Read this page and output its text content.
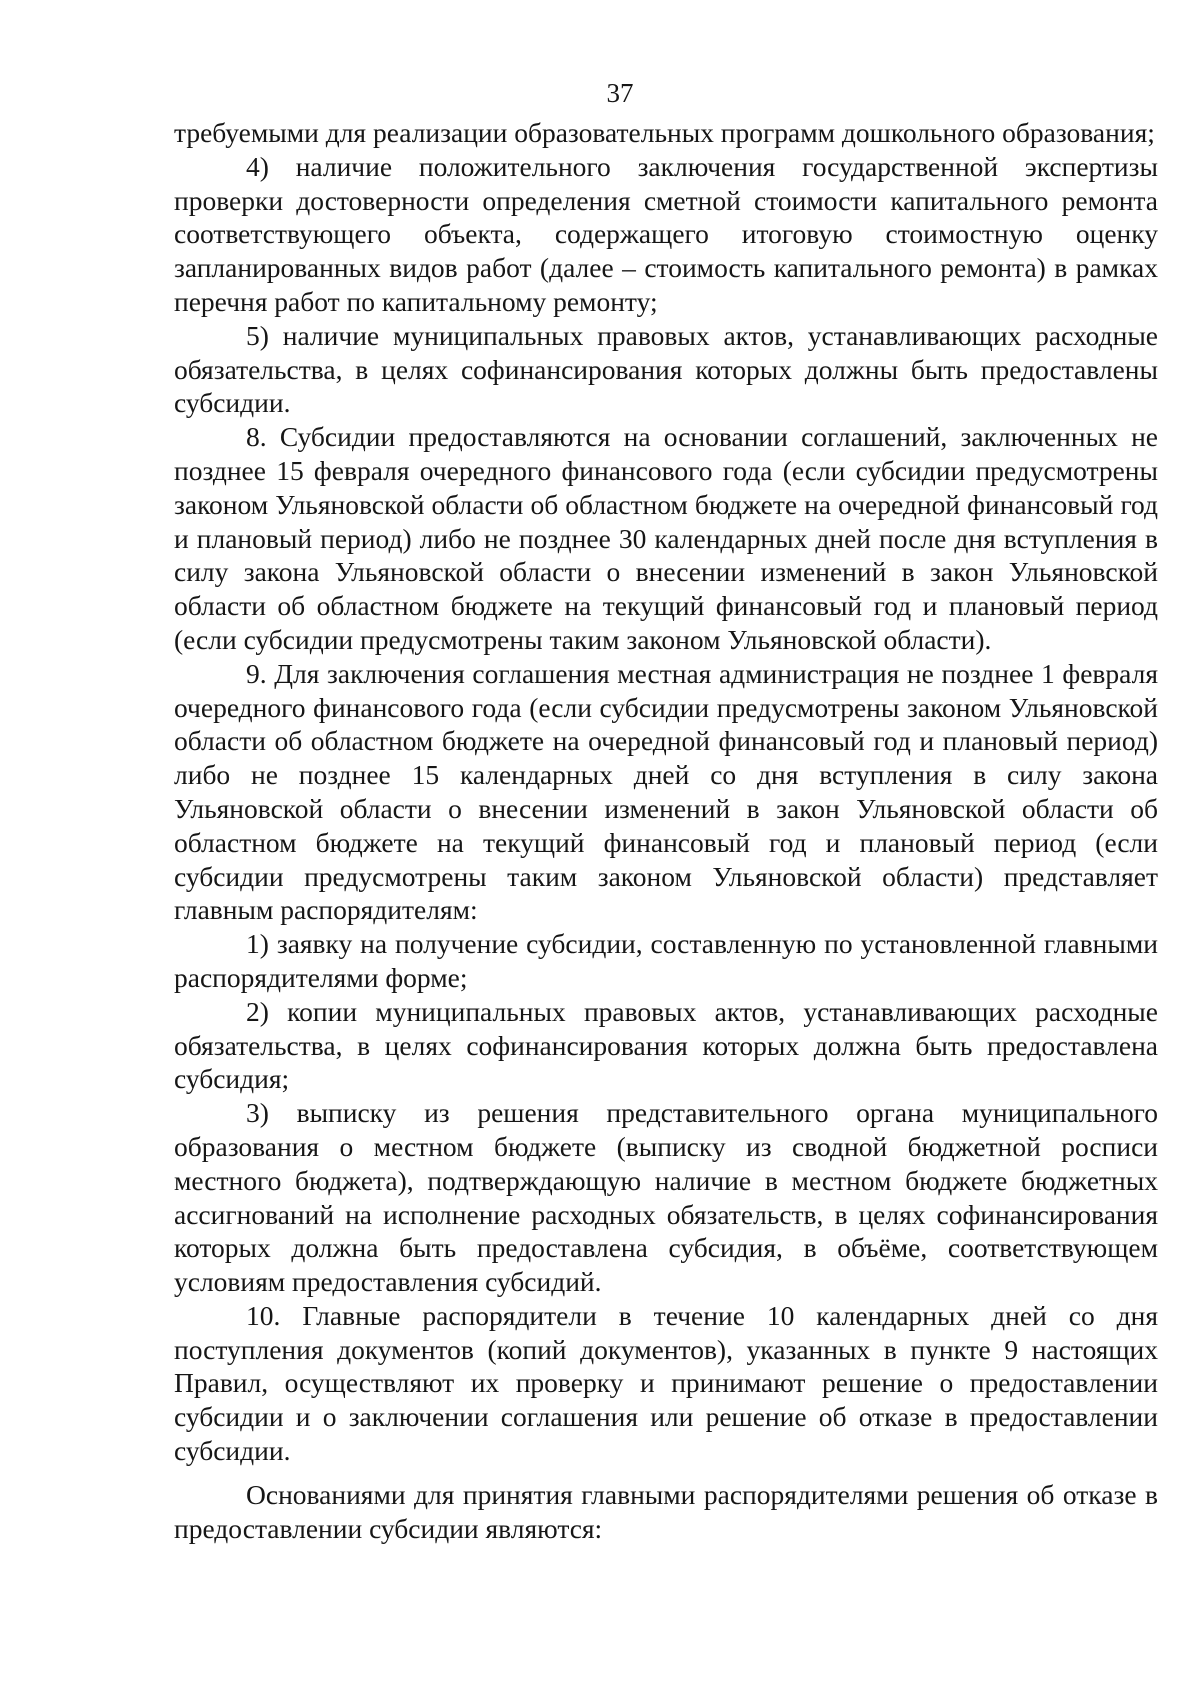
37

требуемыми для реализации образовательных программ дошкольного образования;

4) наличие положительного заключения государственной экспертизы проверки достоверности определения сметной стоимости капитального ремонта соответствующего объекта, содержащего итоговую стоимостную оценку запланированных видов работ (далее – стоимость капитального ремонта) в рамках перечня работ по капитальному ремонту;

5) наличие муниципальных правовых актов, устанавливающих расходные обязательства, в целях софинансирования которых должны быть предоставлены субсидии.

8. Субсидии предоставляются на основании соглашений, заключенных не позднее 15 февраля очередного финансового года (если субсидии предусмотрены законом Ульяновской области об областном бюджете на очередной финансовый год и плановый период) либо не позднее 30 календарных дней после дня вступления в силу закона Ульяновской области о внесении изменений в закон Ульяновской области об областном бюджете на текущий финансовый год и плановый период (если субсидии предусмотрены таким законом Ульяновской области).

9. Для заключения соглашения местная администрация не позднее 1 февраля очередного финансового года (если субсидии предусмотрены законом Ульяновской области об областном бюджете на очередной финансовый год и плановый период) либо не позднее 15 календарных дней со дня вступления в силу закона Ульяновской области о внесении изменений в закон Ульяновской области об областном бюджете на текущий финансовый год и плановый период (если субсидии предусмотрены таким законом Ульяновской области) представляет главным распорядителям:

1) заявку на получение субсидии, составленную по установленной главными распорядителями форме;

2) копии муниципальных правовых актов, устанавливающих расходные обязательства, в целях софинансирования которых должна быть предоставлена субсидия;

3) выписку из решения представительного органа муниципального образования о местном бюджете (выписку из сводной бюджетной росписи местного бюджета), подтверждающую наличие в местном бюджете бюджетных ассигнований на исполнение расходных обязательств, в целях софинансирования которых должна быть предоставлена субсидия, в объёме, соответствующем условиям предоставления субсидий.

10. Главные распорядители в течение 10 календарных дней со дня поступления документов (копий документов), указанных в пункте 9 настоящих Правил, осуществляют их проверку и принимают решение о предоставлении субсидии и о заключении соглашения или решение об отказе в предоставлении субсидии.

Основаниями для принятия главными распорядителями решения об отказе в предоставлении субсидии являются:
